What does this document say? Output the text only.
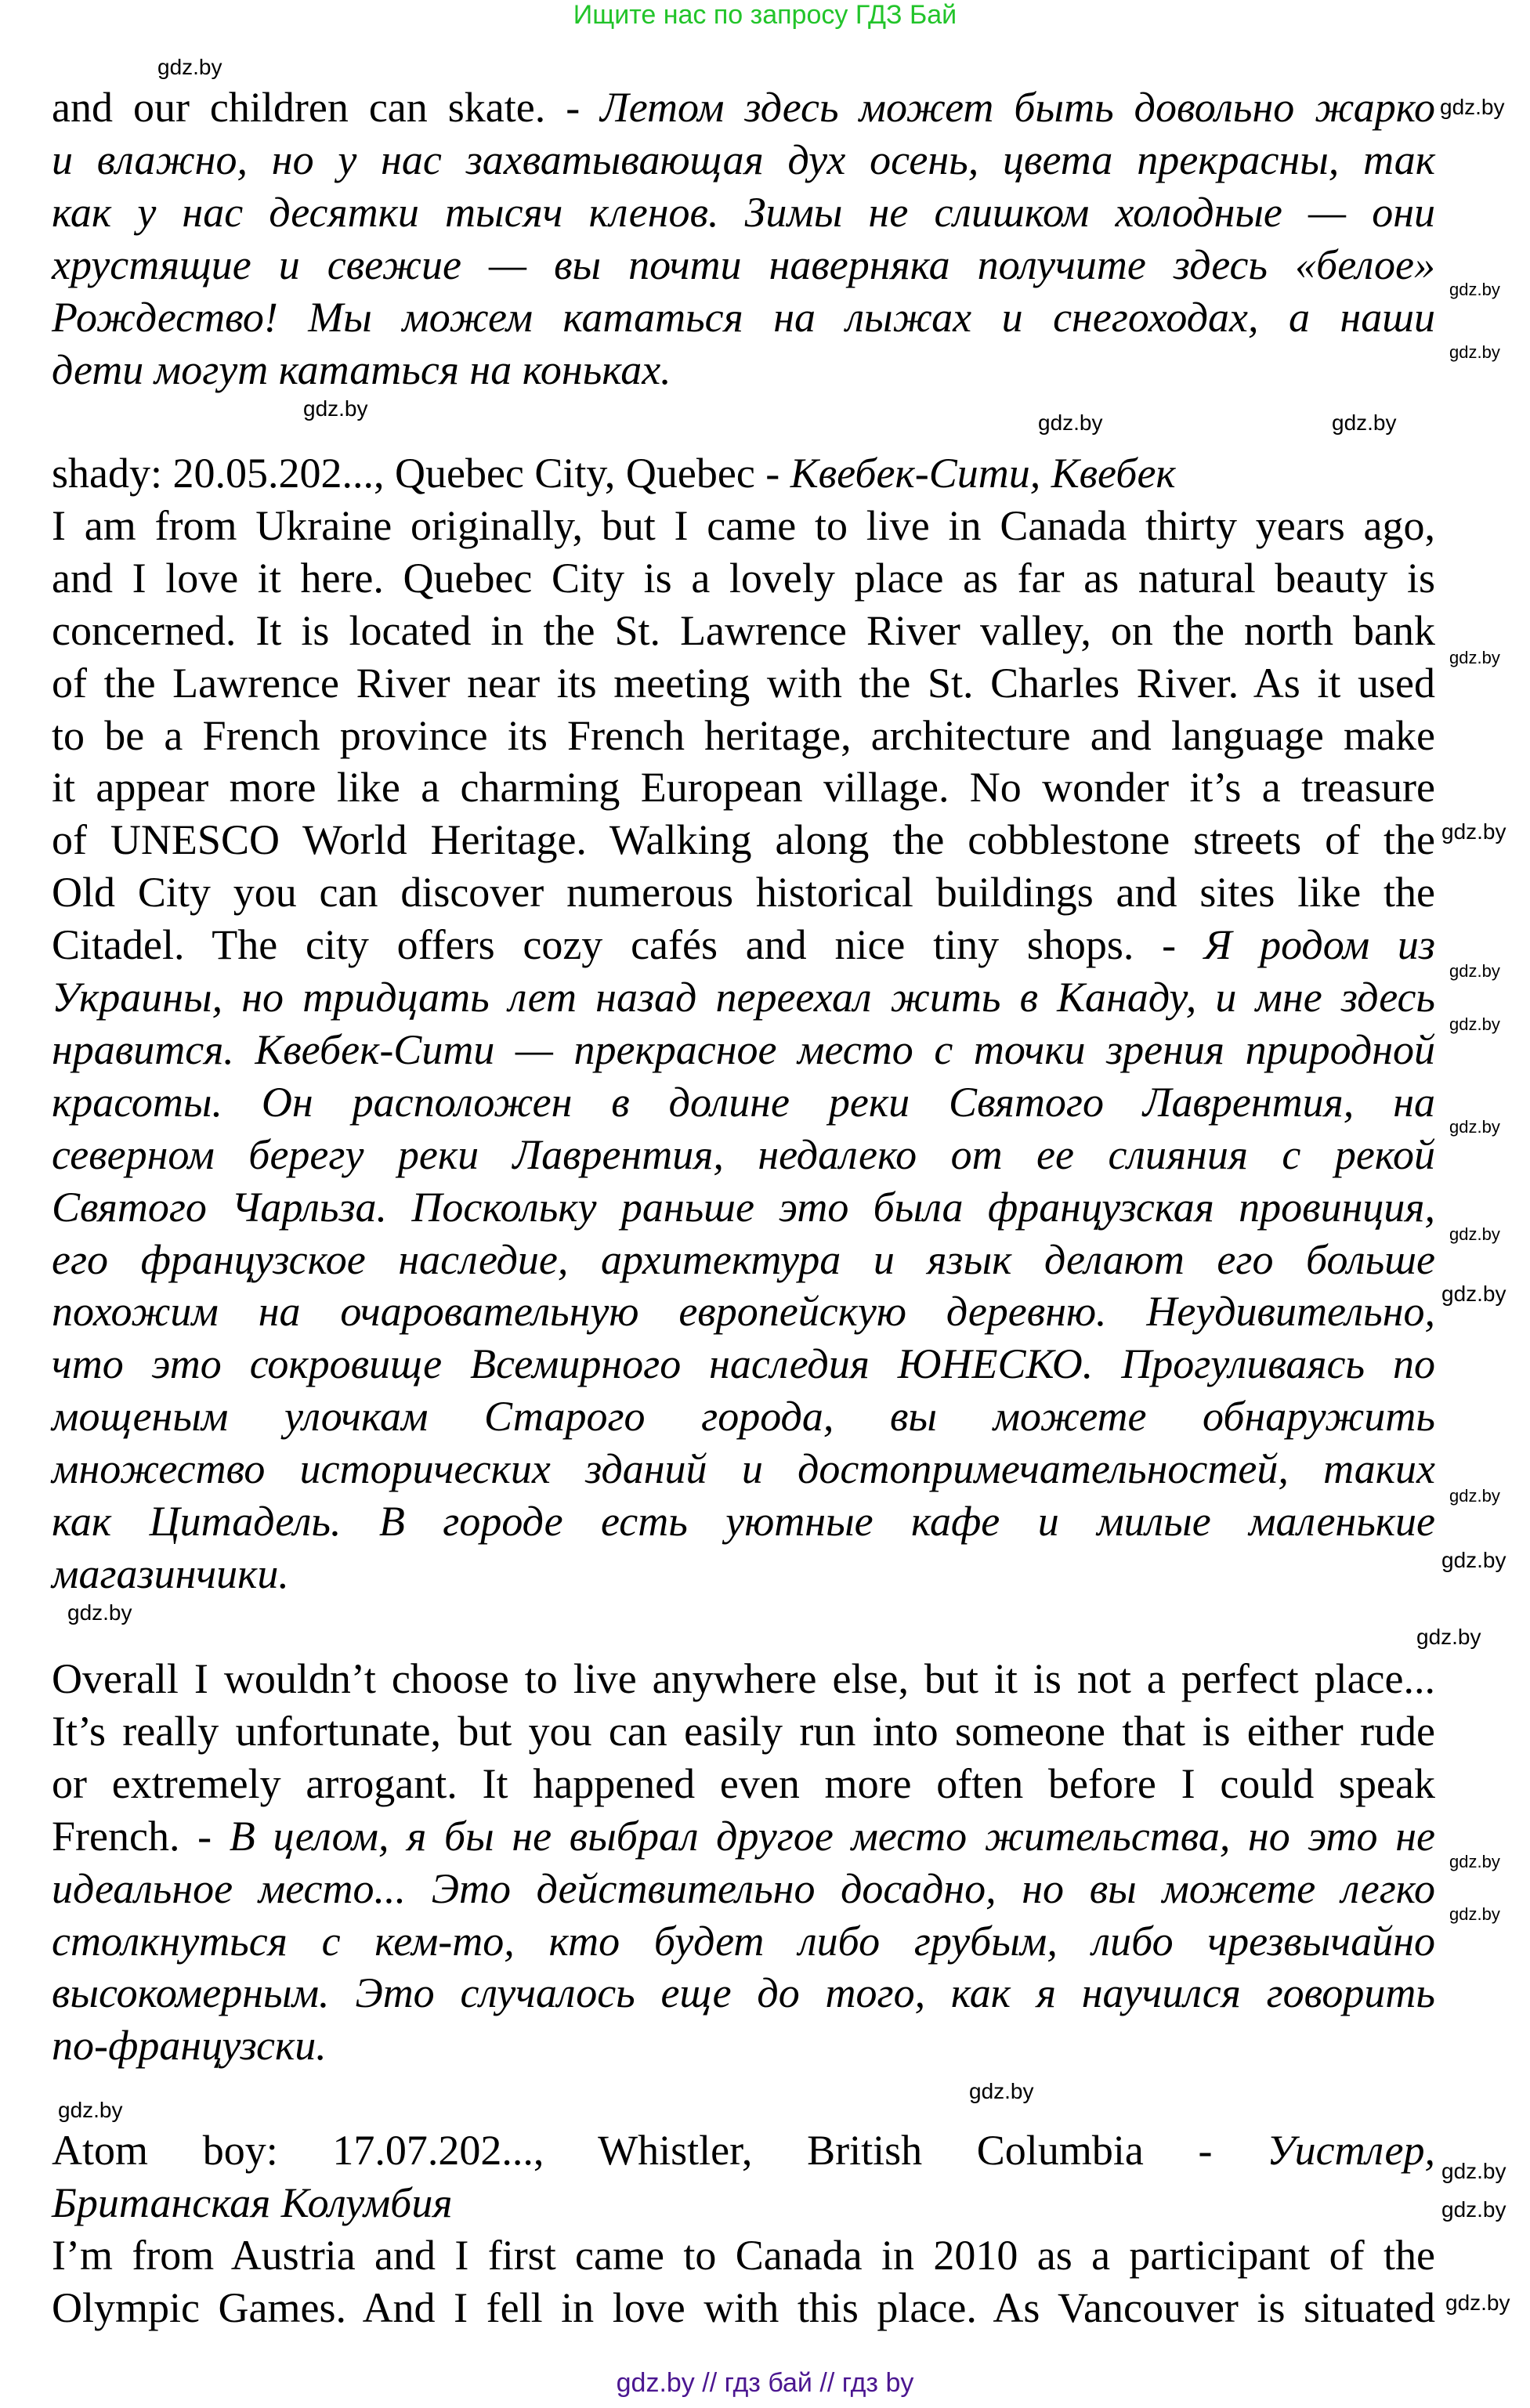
Ищите нас по запросу ГДЗ Бай
and our children can skate. - Летом здесь может быть довольно жарко
и влажно, но у нас захватывающая дух осень, цвета прекрасны, так
как у нас десятки тысяч кленов. Зимы не слишком холодные — они
хрустящие и свежие — вы почти наверняка получите здесь «белое»
Рождество! Мы можем кататься на лыжах и снегоходах, а наши
дети могут кататься на коньках.
shady: 20.05.202..., Quebec City, Quebec - Квебек-Сити, Квебек
I am from Ukraine originally, but I came to live in Canada thirty years ago,
and I love it here. Quebec City is a lovely place as far as natural beauty is
concerned. It is located in the St. Lawrence River valley, on the north bank
of the Lawrence River near its meeting with the St. Charles River. As it used
to be a French province its French heritage, architecture and language make
it appear more like a charming European village. No wonder it’s a treasure
of UNESCO World Heritage. Walking along the cobblestone streets of the
Old City you can discover numerous historical buildings and sites like the
Citadel. The city offers cozy cafés and nice tiny shops. - Я родом из
Украины, но тридцать лет назад переехал жить в Канаду, и мне здесь
нравится. Квебек-Сити — прекрасное место с точки зрения природной
красоты. Он расположен в долине реки Святого Лаврентия, на
северном берегу реки Лаврентия, недалеко от ее слияния с рекой
Святого Чарльза. Поскольку раньше это была французская провинция,
его французское наследие, архитектура и язык делают его больше
похожим на очаровательную европейскую деревню. Неудивительно,
что это сокровище Всемирного наследия ЮНЕСКО. Прогуливаясь по
мощеным улочкам Старого города, вы можете обнаружить
множество исторических зданий и достопримечательностей, таких
как Цитадель. В городе есть уютные кафе и милые маленькие
магазинчики.
Overall I wouldn’t choose to live anywhere else, but it is not a perfect place...
It’s really unfortunate, but you can easily run into someone that is either rude
or extremely arrogant. It happened even more often before I could speak
French. - В целом, я бы не выбрал другое место жительства, но это не
идеальное место... Это действительно досадно, но вы можете легко
столкнуться с кем-то, кто будет либо грубым, либо чрезвычайно
высокомерным. Это случалось еще до того, как я научился говорить
по-французски.
Atom boy: 17.07.202..., Whistler, British Columbia - Уистлер,
Британская Колумбия
I’m from Austria and I first came to Canada in 2010 as a participant of the
Olympic Games. And I fell in love with this place. As Vancouver is situated
gdz.by // гдз бай // гдз by
gdz.by
gdz.by
gdz.by
gdz.by
gdz.by
gdz.by	gdz.by
gdz.by
gdz.by
gdz.by
gdz.by
gdz.by
gdz.by
gdz.by
gdz.by
gdz.by
gdz.by
gdz.by
gdz.by
gdz.by
gdz.by
gdz.by
gdz.by
gdz.by
gdz.by
